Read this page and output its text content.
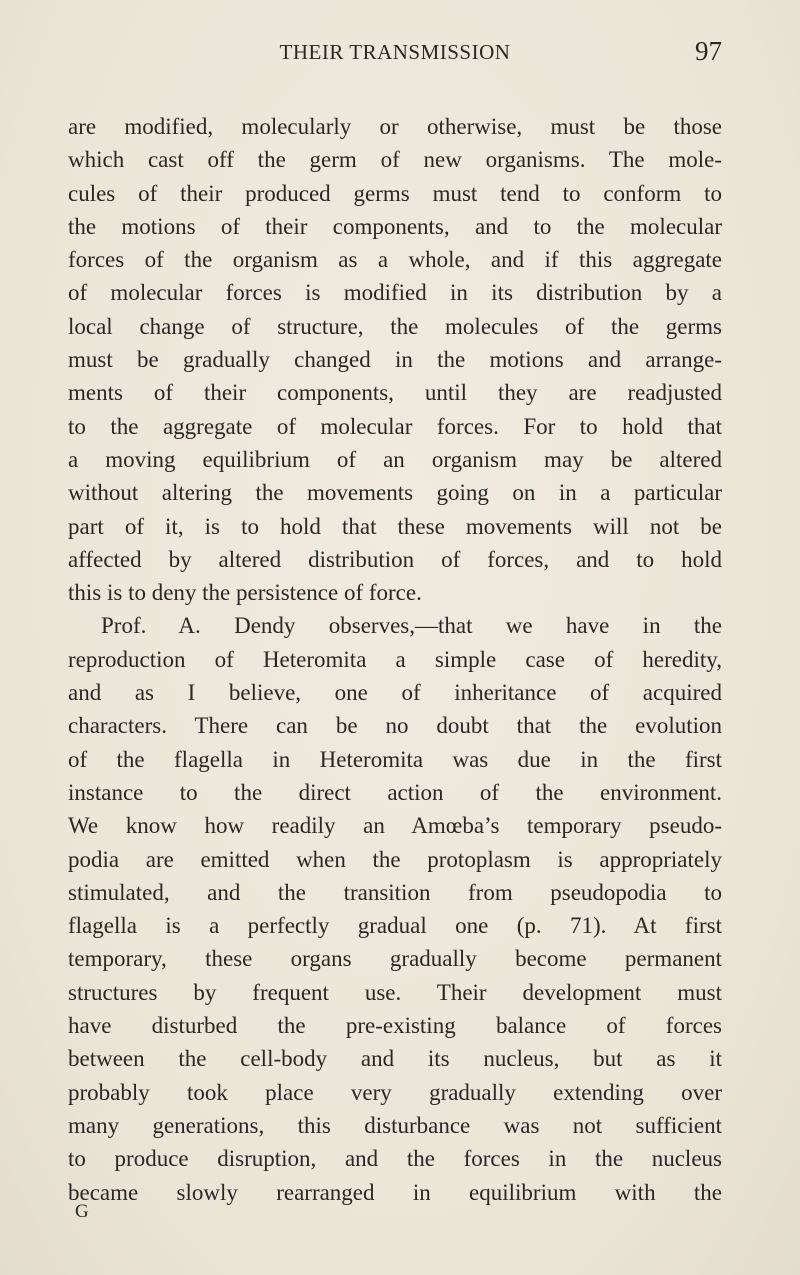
THEIR TRANSMISSION	97
are modified, molecularly or otherwise, must be those
which cast off the germ of new organisms. The mole-
cules of their produced germs must tend to conform to
the motions of their components, and to the molecular
forces of the organism as a whole, and if this aggregate
of molecular forces is modified in its distribution by a
local change of structure, the molecules of the germs
must be gradually changed in the motions and arrange-
ments of their components, until they are readjusted
to the aggregate of molecular forces. For to hold that
a moving equilibrium of an organism may be altered
without altering the movements going on in a particular
part of it, is to hold that these movements will not be
affected by altered distribution of forces, and to hold
this is to deny the persistence of force.
Prof. A. Dendy observes,—that we have in the
reproduction of Heteromita a simple case of heredity,
and as I believe, one of inheritance of acquired
characters. There can be no doubt that the evolution
of the flagella in Heteromita was due in the first
instance to the direct action of the environment.
We know how readily an Amœba’s temporary pseudo-
podia are emitted when the protoplasm is appropriately
stimulated, and the transition from pseudopodia to
flagella is a perfectly gradual one (p. 71). At first
temporary, these organs gradually become permanent
structures by frequent use. Their development must
have disturbed the pre-existing balance of forces
between the cell-body and its nucleus, but as it
probably took place very gradually extending over
many generations, this disturbance was not sufficient
to produce disruption, and the forces in the nucleus
became slowly rearranged in equilibrium with the
G
